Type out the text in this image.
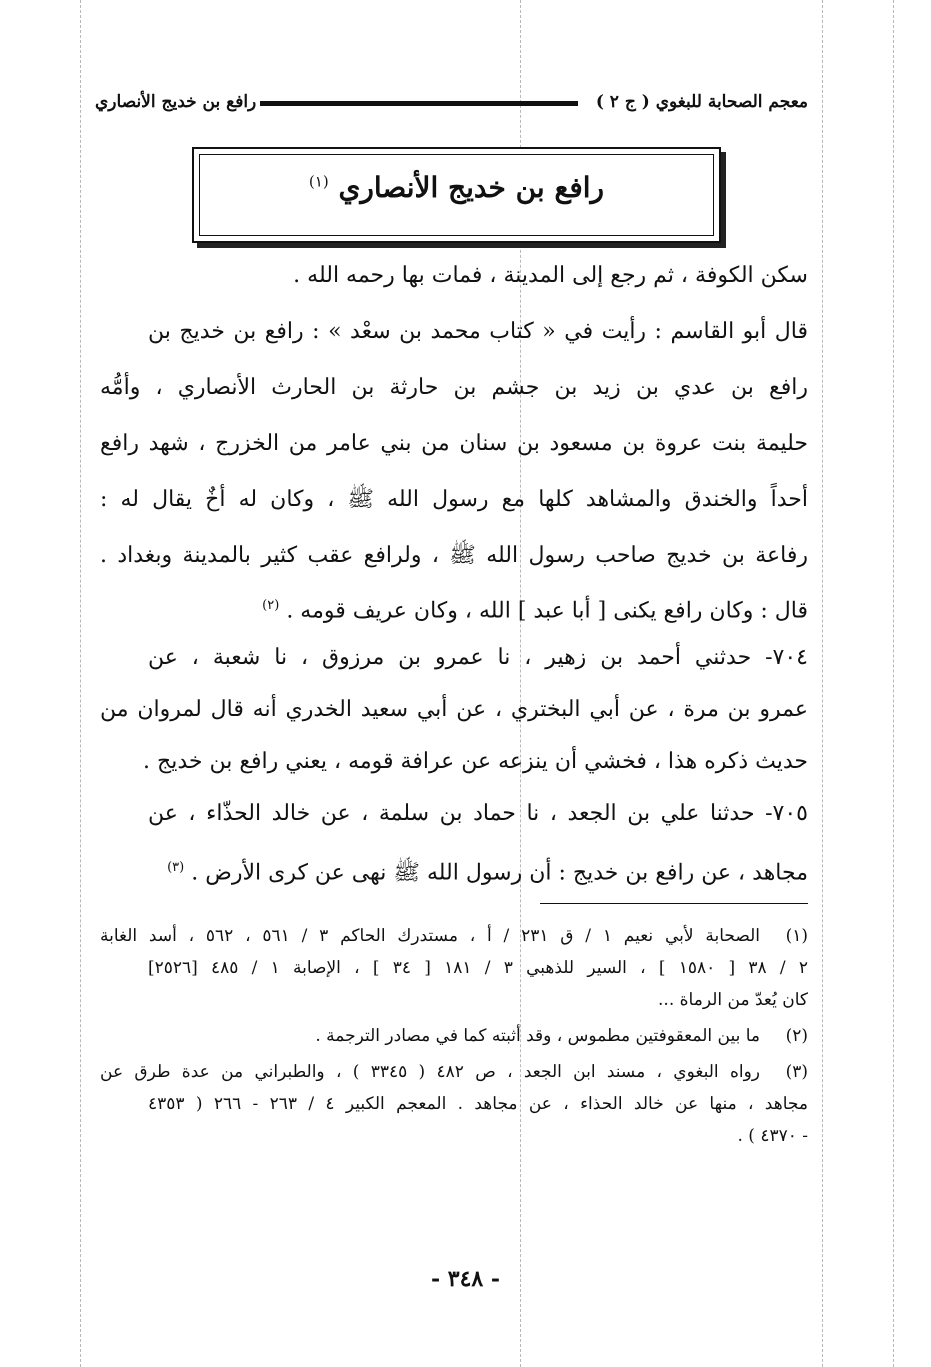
معجم الصحابة للبغوي ( ج ٢ )
رافع بن خديج الأنصاري
رافع بن خديج الأنصاري $^{(١)}$
سكن الكوفة ، ثم رجع إلى المدينة ، فمات بها رحمه الله .
قال أبو القاسم : رأيت في « كتاب محمد بن سعْد » : رافع بن خديج بن
رافع بن عدي بن زيد بن جشم بن حارثة بن الحارث الأنصاري ، وأمُّه
حليمة بنت عروة بن مسعود بن سنان من بني عامر من الخزرج ، شهد رافع
أحداً والخندق والمشاهد كلها مع رسول الله ﷺ ، وكان له أخٌ يقال له :
رفاعة بن خديج صاحب رسول الله ﷺ ، ولرافع عقب كثير بالمدينة وبغداد .
قال : وكان رافع يكنى [ أبا عبد ] الله ، وكان عريف قومه . $^{(٢)}$
٧٠٤- حدثني أحمد بن زهير ، نا عمرو بن مرزوق ، نا شعبة ، عن
عمرو بن مرة ، عن أبي البختري ، عن أبي سعيد الخدري أنه قال لمروان من
حديث ذكره هذا ، فخشي أن ينزعه عن عرافة قومه ، يعني رافع بن خديج .
٧٠٥- حدثنا علي بن الجعد ، نا حماد بن سلمة ، عن خالد الحذّاء ، عن
مجاهد ، عن رافع بن خديج : أن رسول الله ﷺ نهى عن كرى الأرض . $^{(٣)}$
(١)
الصحابة لأبي نعيم ١ / ق ٢٣١ / أ ، مستدرك الحاكم ٣ / ٥٦١ ، ٥٦٢ ، أسد الغابة
٢ / ٣٨ [ ١٥٨٠ ] ، السير للذهبي ٣ / ١٨١ [ ٣٤ ] ، الإصابة ١ / ٤٨٥ [٢٥٢٦]
كان يُعدّ من الرماة ...
(٢)
ما بين المعقوفتين مطموس ، وقد أثبته كما في مصادر الترجمة .
(٣)
رواه البغوي ، مسند ابن الجعد ، ص ٤٨٢ ( ٣٣٤٥ ) ، والطبراني من عدة طرق عن
مجاهد ، منها عن خالد الحذاء ، عن مجاهد . المعجم الكبير ٤ / ٢٦٣ - ٢٦٦ ( ٤٣٥٣
- ٤٣٧٠ ) .
- ٣٤٨ -
